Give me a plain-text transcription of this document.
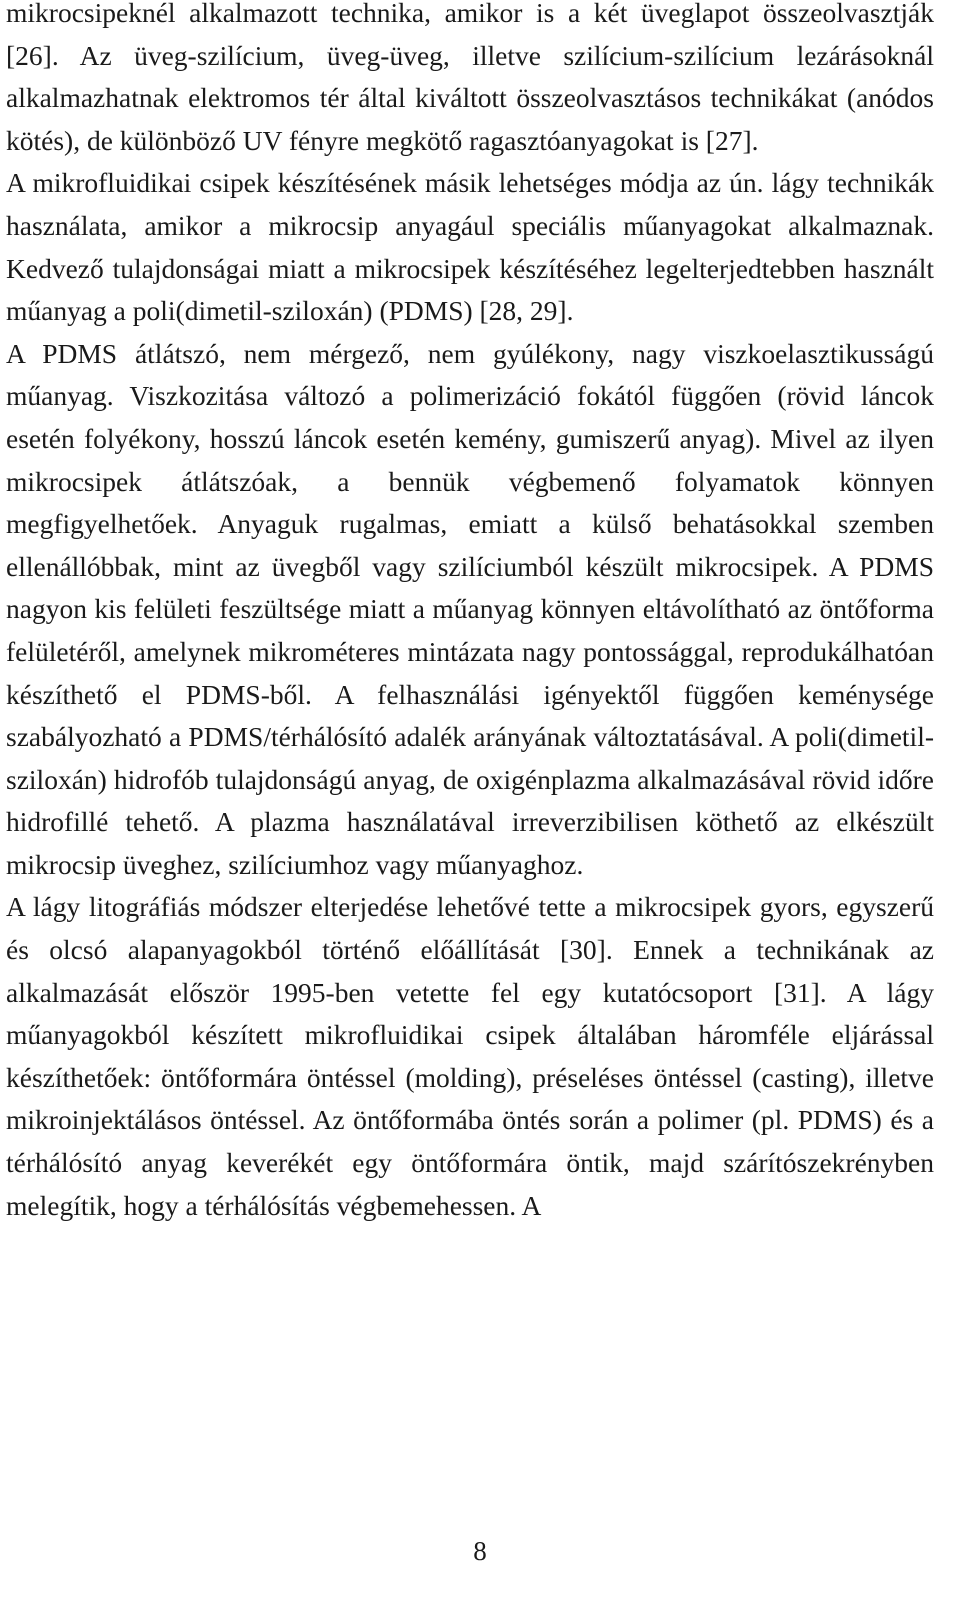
mikrocsipeknél alkalmazott technika, amikor is a két üveglapot összeolvasztják [26]. Az üveg-szilícium, üveg-üveg, illetve szilícium-szilícium lezárásoknál alkalmazhatnak elektromos tér által kiváltott összeolvasztásos technikákat (anódos kötés), de különböző UV fényre megkötő ragasztóanyagokat is [27].

A mikrofluidikai csipek készítésének másik lehetséges módja az ún. lágy technikák használata, amikor a mikrocsip anyagául speciális műanyagokat alkalmaznak. Kedvező tulajdonságai miatt a mikrocsipek készítéséhez legelterjedtebben használt műanyag a poli(dimetil-sziloxán) (PDMS) [28, 29].

A PDMS átlátszó, nem mérgező, nem gyúlékony, nagy viszkoelasztikusságú műanyag. Viszkozitása változó a polimerizáció fokától függően (rövid láncok esetén folyékony, hosszú láncok esetén kemény, gumiszerű anyag). Mivel az ilyen mikrocsipek átlátszóak, a bennük végbemenő folyamatok könnyen megfigyelhetőek. Anyaguk rugalmas, emiatt a külső behatásokkal szemben ellenállóbbak, mint az üvegből vagy szilíciumból készült mikrocsipek. A PDMS nagyon kis felületi feszültsége miatt a műanyag könnyen eltávolítható az öntőforma felületéről, amelynek mikrométeres mintázata nagy pontossággal, reprodukálhatóan készíthető el PDMS-ből. A felhasználási igényektől függően keménysége szabályozható a PDMS/térhálósító adalék arányának változtatásával. A poli(dimetil-sziloxán) hidrofób tulajdonságú anyag, de oxigénplazma alkalmazásával rövid időre hidrofillé tehető. A plazma használatával irreverzibilisen köthető az elkészült mikrocsip üveghez, szilíciumhoz vagy műanyaghoz.

A lágy litográfiás módszer elterjedése lehetővé tette a mikrocsipek gyors, egyszerű és olcsó alapanyagokból történő előállítását [30]. Ennek a technikának az alkalmazását először 1995-ben vetette fel egy kutatócsoport [31]. A lágy műanyagokból készített mikrofluidikai csipek általában háromféle eljárással készíthetőek: öntőformára öntéssel (molding), préseléses öntéssel (casting), illetve mikroinjektálásos öntéssel. Az öntőformába öntés során a polimer (pl. PDMS) és a térhálósító anyag keverékét egy öntőformára öntik, majd szárítószekrényben melegítik, hogy a térhálósítás végbemehessen. A

8
